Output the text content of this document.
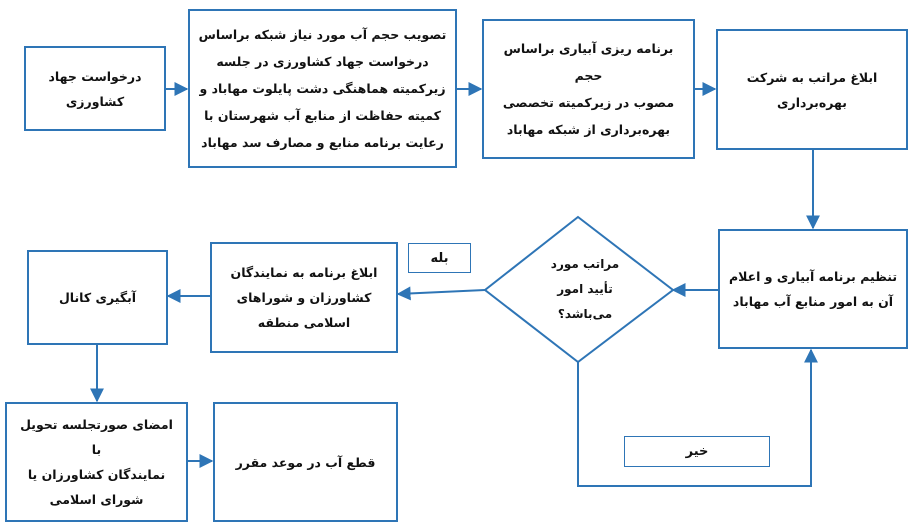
درخواست جهاد
کشاورزی
تصویب حجم آب مورد نیاز شبکه براساس
درخواست جهاد کشاورزی در جلسه
زیرکمیته هماهنگی دشت پایلوت مهاباد و
کمیته حفاظت از منابع آب شهرستان با
رعایت برنامه منابع و مصارف سد مهاباد
برنامه ریزی آبیاری براساس حجم
مصوب در زیرکمیته تخصصی
بهره‌برداری از شبکه مهاباد
ابلاغ مراتب به شرکت
بهره‌برداری
تنظیم برنامه آبیاری و اعلام
آن به امور منابع آب مهاباد
مراتب مورد
تأیید امور
می‌باشد؟
بله
خیر
ابلاغ برنامه به نمایندگان
کشاورزان و شوراهای
اسلامی منطقه
آبگیری کانال
امضای صورتجلسه تحویل با
نمایندگان کشاورزان یا
شورای اسلامی
قطع آب در موعد مقرر
